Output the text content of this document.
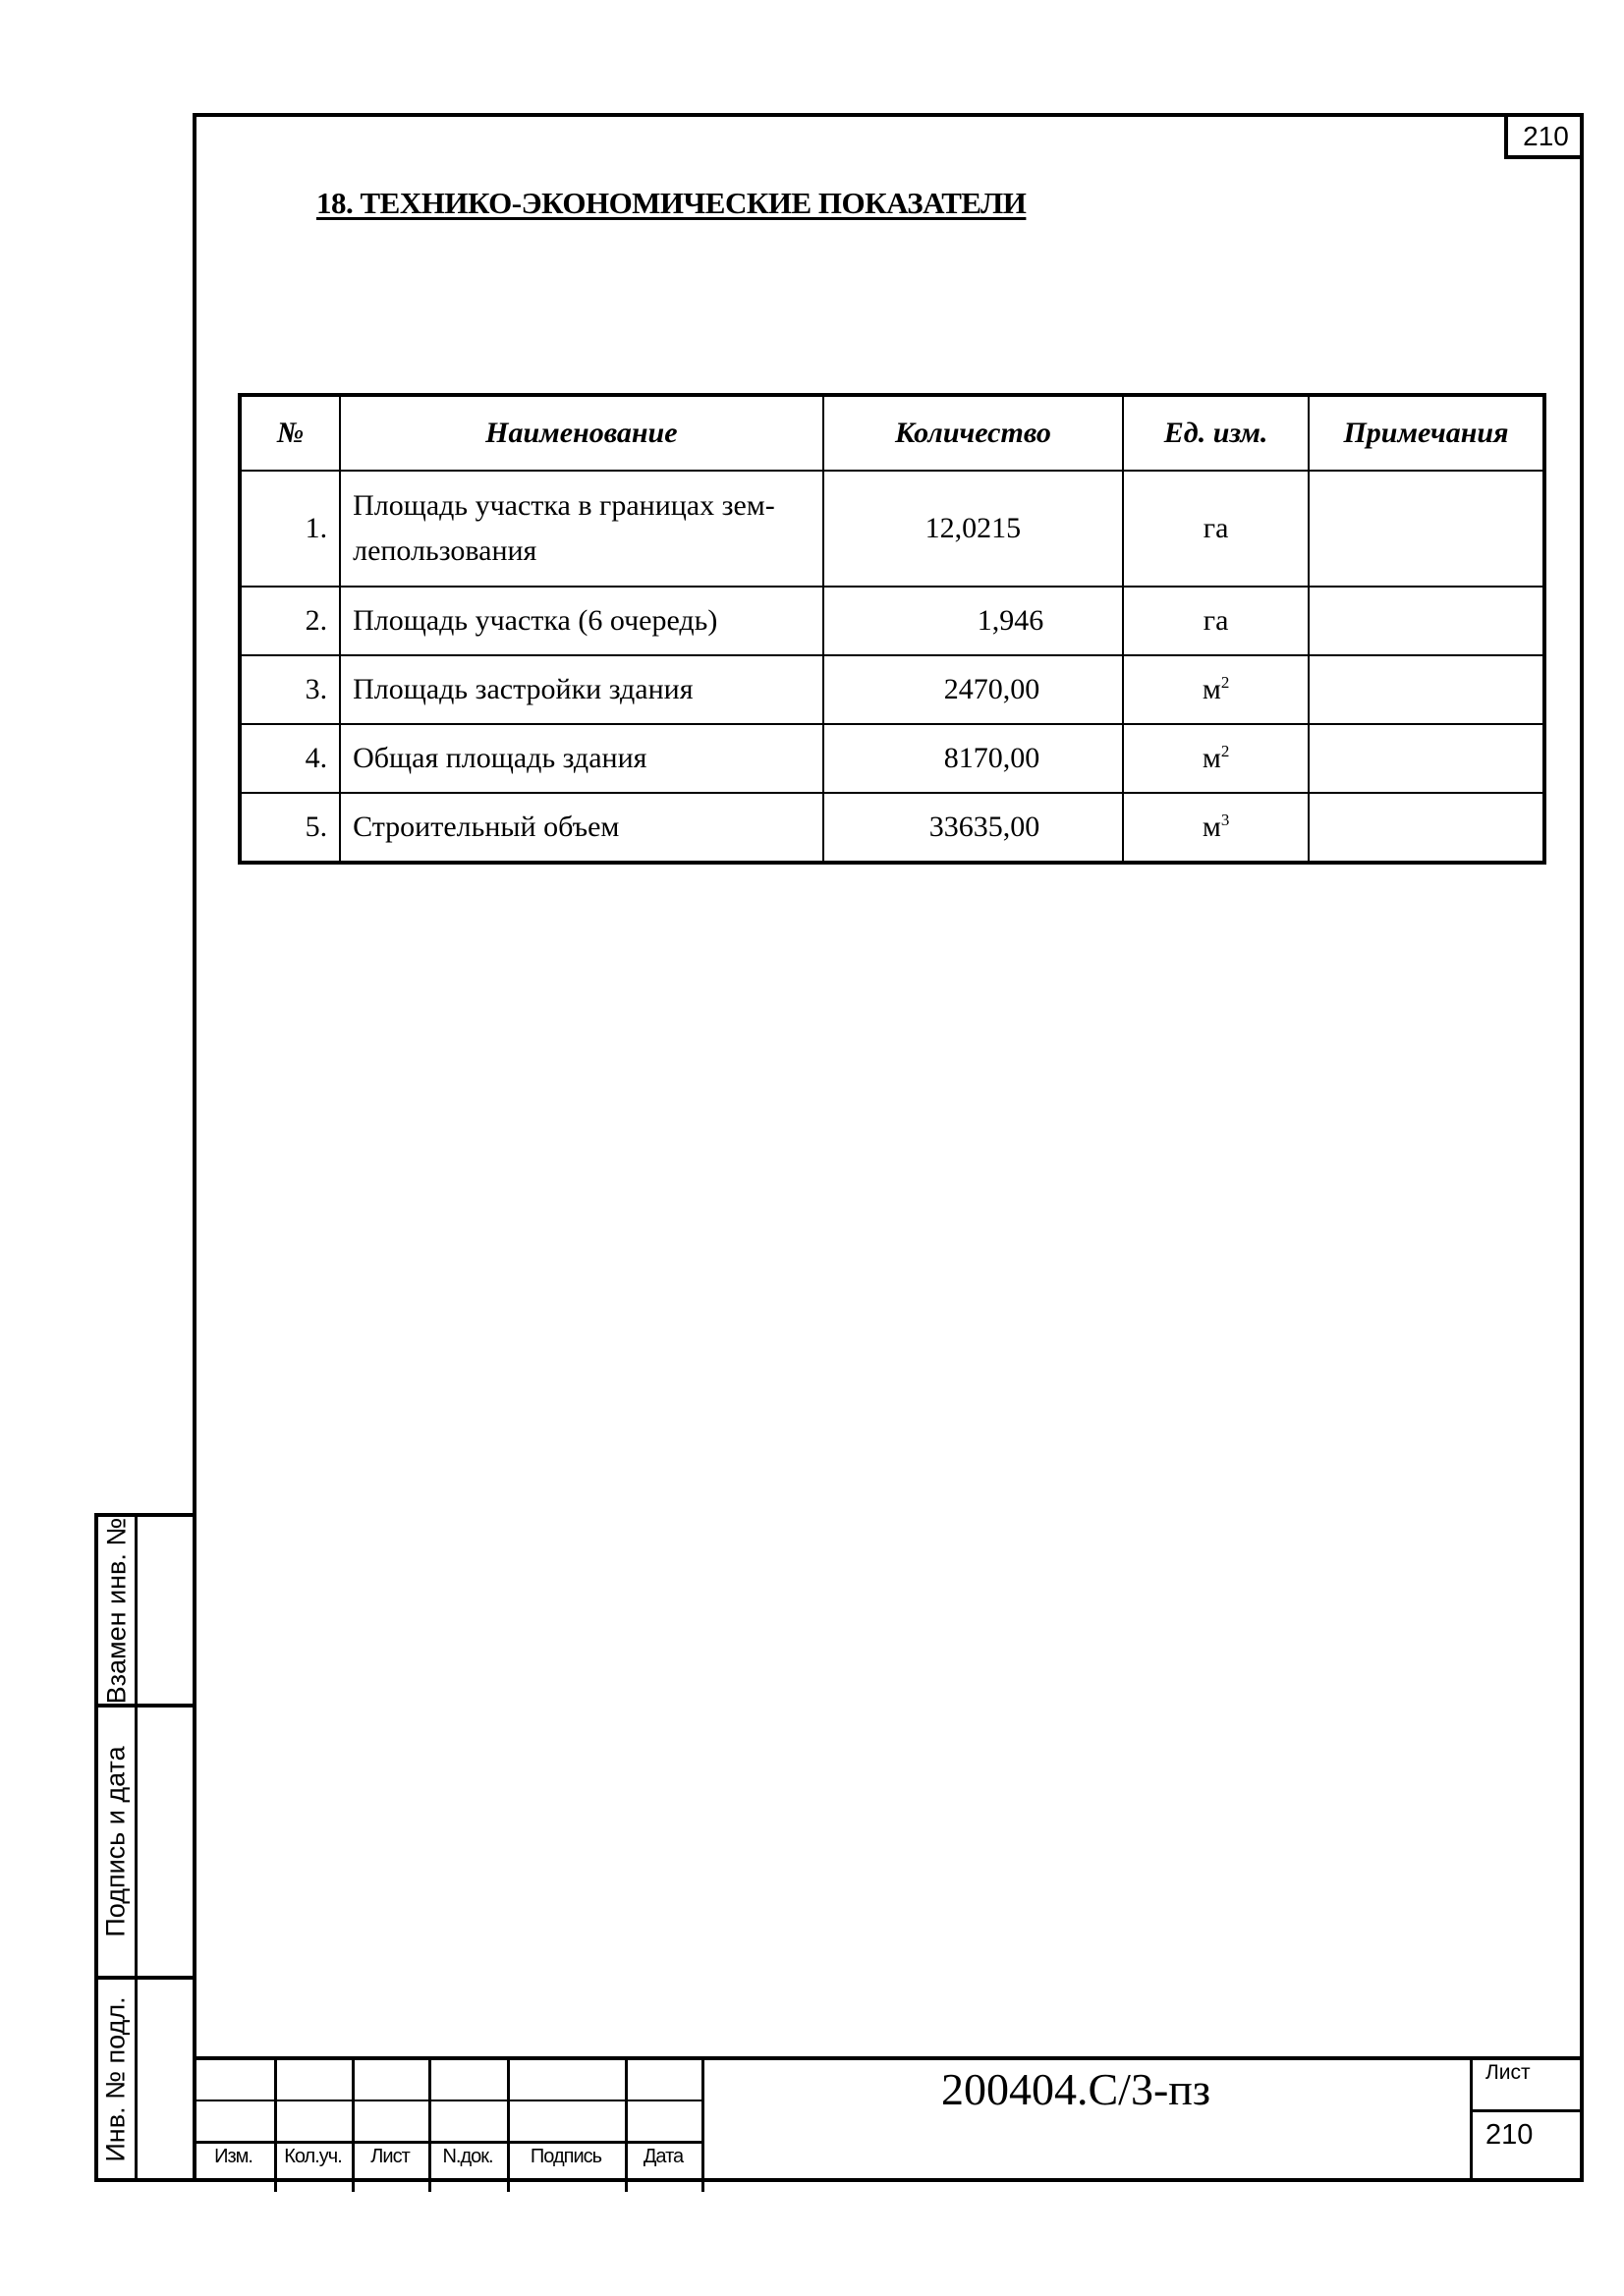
210
18. ТЕХНИКО-ЭКОНОМИЧЕСКИЕ ПОКАЗАТЕЛИ
№	Наименование	Количество	Ед. изм.	Примечания
1.	Площадь участка в границах зем-
лепользования	12,0215	га	
2.	Площадь участка (6 очередь)	1,946	га	
3.	Площадь застройки здания	2470,00	$м^2$	
4.	Общая площадь здания	8170,00	$м^2$	
5.	Строительный объем	33635,00	$м^3$	
Взамен инв. №
Подпись и дата
Инв. № подл.	Изм.	Кол.уч.	Лист	N.док.	Подпись	Дата
200404.С/3-пз	Лист
210
